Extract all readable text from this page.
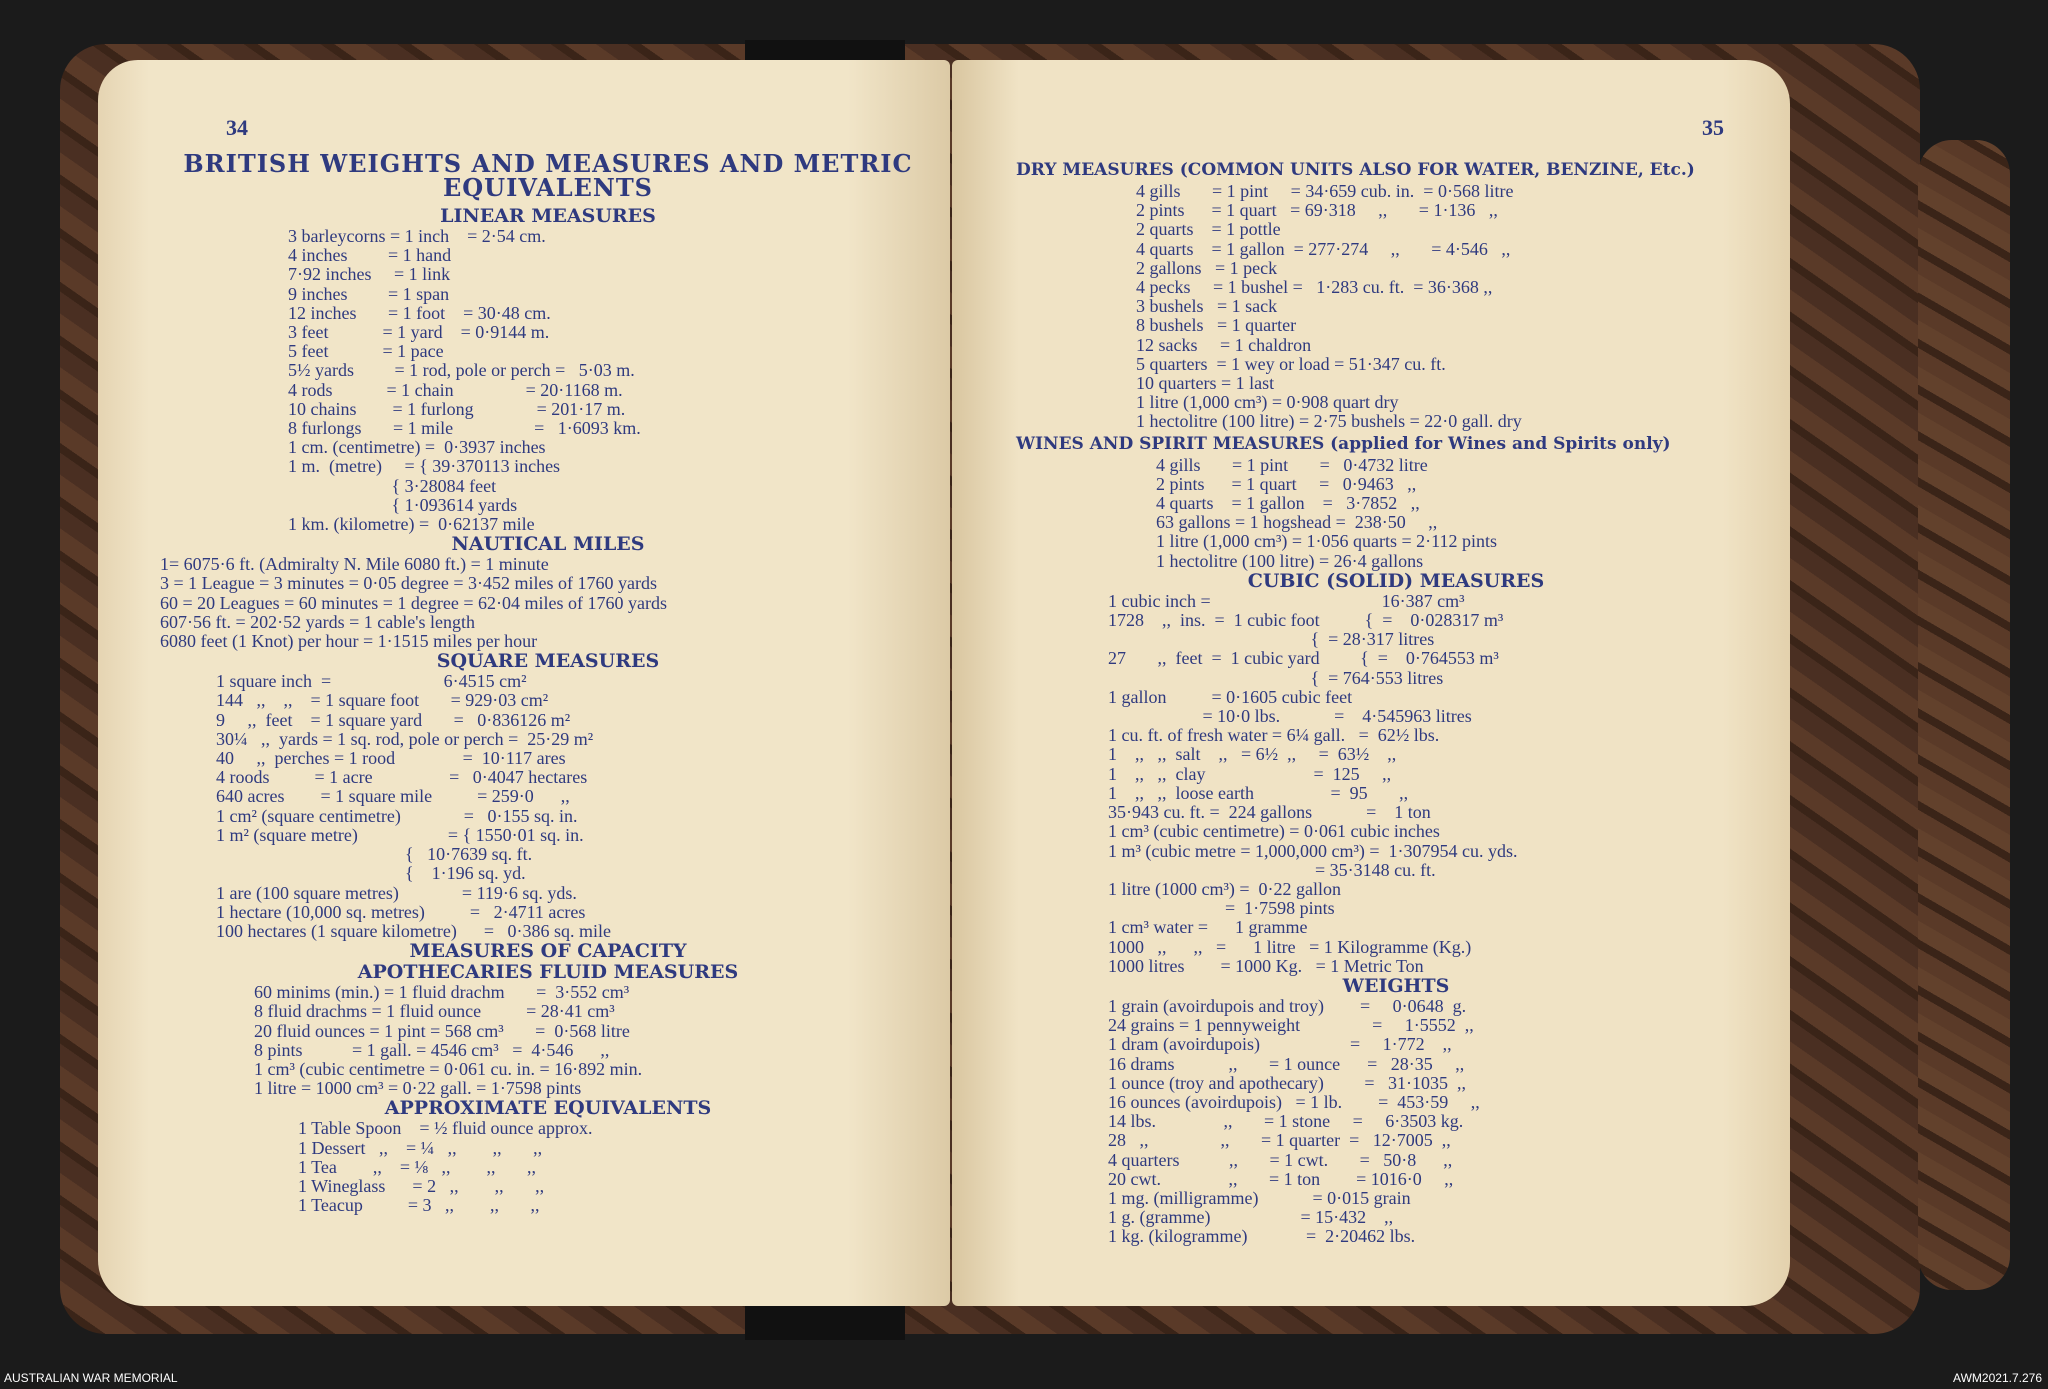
34
BRITISH WEIGHTS AND MEASURES AND METRIC EQUIVALENTS
LINEAR MEASURES
3 barleycorns = 1 inch    = 2·54 cm.
4 inches         = 1 hand
7·92 inches     = 1 link
9 inches         = 1 span
12 inches       = 1 foot    = 30·48 cm.
3 feet            = 1 yard    = 0·9144 m.
5 feet            = 1 pace
5½ yards         = 1 rod, pole or perch =   5·03 m.
4 rods            = 1 chain                = 20·1168 m.
10 chains        = 1 furlong              = 201·17 m.
8 furlongs       = 1 mile                  =   1·6093 km.
1 cm. (centimetre) =  0·3937 inches
1 m.  (metre)     = { 39·370113 inches
{ 3·28084 feet
{ 1·093614 yards
1 km. (kilometre) =  0·62137 mile
NAUTICAL MILES
1= 6075·6 ft. (Admiralty N. Mile 6080 ft.) = 1 minute
3 = 1 League = 3 minutes = 0·05 degree = 3·452 miles of 1760 yards
60 = 20 Leagues = 60 minutes = 1 degree = 62·04 miles of 1760 yards
607·56 ft. = 202·52 yards = 1 cable's length
6080 feet (1 Knot) per hour = 1·1515 miles per hour
SQUARE MEASURES
1 square inch  =                         6·4515 cm²
144   ,,    ,,    = 1 square foot       = 929·03 cm²
9     ,,  feet    = 1 square yard       =   0·836126 m²
30¼   ,,  yards = 1 sq. rod, pole or perch =  25·29 m²
40     ,,  perches = 1 rood               =  10·117 ares
4 roods          = 1 acre                 =   0·4047 hectares
640 acres        = 1 square mile          = 259·0      ,,
1 cm² (square centimetre)              =   0·155 sq. in.
1 m² (square metre)                    = { 1550·01 sq. in.
{   10·7639 sq. ft.
{    1·196 sq. yd.
1 are (100 square metres)              = 119·6 sq. yds.
1 hectare (10,000 sq. metres)          =   2·4711 acres
100 hectares (1 square kilometre)      =   0·386 sq. mile
MEASURES OF CAPACITY
APOTHECARIES FLUID MEASURES
60 minims (min.) = 1 fluid drachm       =  3·552 cm³
8 fluid drachms = 1 fluid ounce          = 28·41 cm³
20 fluid ounces = 1 pint = 568 cm³       =  0·568 litre
8 pints           = 1 gall. = 4546 cm³   =  4·546      ,,
1 cm³ (cubic centimetre = 0·061 cu. in. = 16·892 min.
1 litre = 1000 cm³ = 0·22 gall. = 1·7598 pints
APPROXIMATE EQUIVALENTS
1 Table Spoon    = ½ fluid ounce approx.
1 Dessert   ,,    = ¼   ,,        ,,       ,,
1 Tea        ,,    = ⅛   ,,        ,,       ,,
1 Wineglass      = 2   ,,        ,,       ,,
1 Teacup          = 3   ,,        ,,       ,,
35
DRY MEASURES (COMMON UNITS ALSO FOR WATER, BENZINE, Etc.)
4 gills       = 1 pint     = 34·659 cub. in.  = 0·568 litre
2 pints      = 1 quart   = 69·318     ,,       = 1·136   ,,
2 quarts    = 1 pottle
4 quarts    = 1 gallon  = 277·274     ,,       = 4·546   ,,
2 gallons   = 1 peck
4 pecks     = 1 bushel =   1·283 cu. ft.  = 36·368 ,,
3 bushels   = 1 sack
8 bushels   = 1 quarter
12 sacks     = 1 chaldron
5 quarters  = 1 wey or load = 51·347 cu. ft.
10 quarters = 1 last
1 litre (1,000 cm³) = 0·908 quart dry
1 hectolitre (100 litre) = 2·75 bushels = 22·0 gall. dry
WINES AND SPIRIT MEASURES (applied for Wines and Spirits only)
4 gills       = 1 pint       =   0·4732 litre
2 pints      = 1 quart     =   0·9463   ,,
4 quarts    = 1 gallon    =   3·7852   ,,
63 gallons = 1 hogshead =  238·50     ,,
1 litre (1,000 cm³) = 1·056 quarts = 2·112 pints
1 hectolitre (100 litre) = 26·4 gallons
CUBIC (SOLID) MEASURES
1 cubic inch =                                      16·387 cm³
1728    ,,  ins.  =  1 cubic foot          {  =    0·028317 m³
{  = 28·317 litres
27       ,,  feet  =  1 cubic yard         {  =    0·764553 m³
{  = 764·553 litres
1 gallon          = 0·1605 cubic feet
= 10·0 lbs.            =    4·545963 litres
1 cu. ft. of fresh water = 6¼ gall.   =  62½ lbs.
1    ,,   ,,  salt    ,,   = 6½  ,,     =  63½    ,,
1    ,,   ,,  clay                        =  125     ,,
1    ,,   ,,  loose earth                 =  95       ,,
35·943 cu. ft. =  224 gallons            =    1 ton
1 cm³ (cubic centimetre) = 0·061 cubic inches
1 m³ (cubic metre = 1,000,000 cm³) =  1·307954 cu. yds.
= 35·3148 cu. ft.
1 litre (1000 cm³) =  0·22 gallon
=  1·7598 pints
1 cm³ water =      1 gramme
1000   ,,      ,,   =      1 litre   = 1 Kilogramme (Kg.)
1000 litres        = 1000 Kg.   = 1 Metric Ton
WEIGHTS
1 grain (avoirdupois and troy)        =     0·0648  g.
24 grains = 1 pennyweight                =     1·5552  ,,
1 dram (avoirdupois)                    =     1·772    ,,
16 drams            ,,       = 1 ounce      =   28·35     ,,
1 ounce (troy and apothecary)         =   31·1035  ,,
16 ounces (avoirdupois)   = 1 lb.        =  453·59     ,,
14 lbs.               ,,       = 1 stone     =     6·3503 kg.
28   ,,                ,,       = 1 quarter  =   12·7005  ,,
4 quarters           ,,       = 1 cwt.       =   50·8      ,,
20 cwt.               ,,       = 1 ton        = 1016·0     ,,
1 mg. (milligramme)            = 0·015 grain
1 g. (gramme)                    = 15·432    ,,
1 kg. (kilogramme)             =  2·20462 lbs.
AUSTRALIAN WAR MEMORIAL	AWM2021.7.276
